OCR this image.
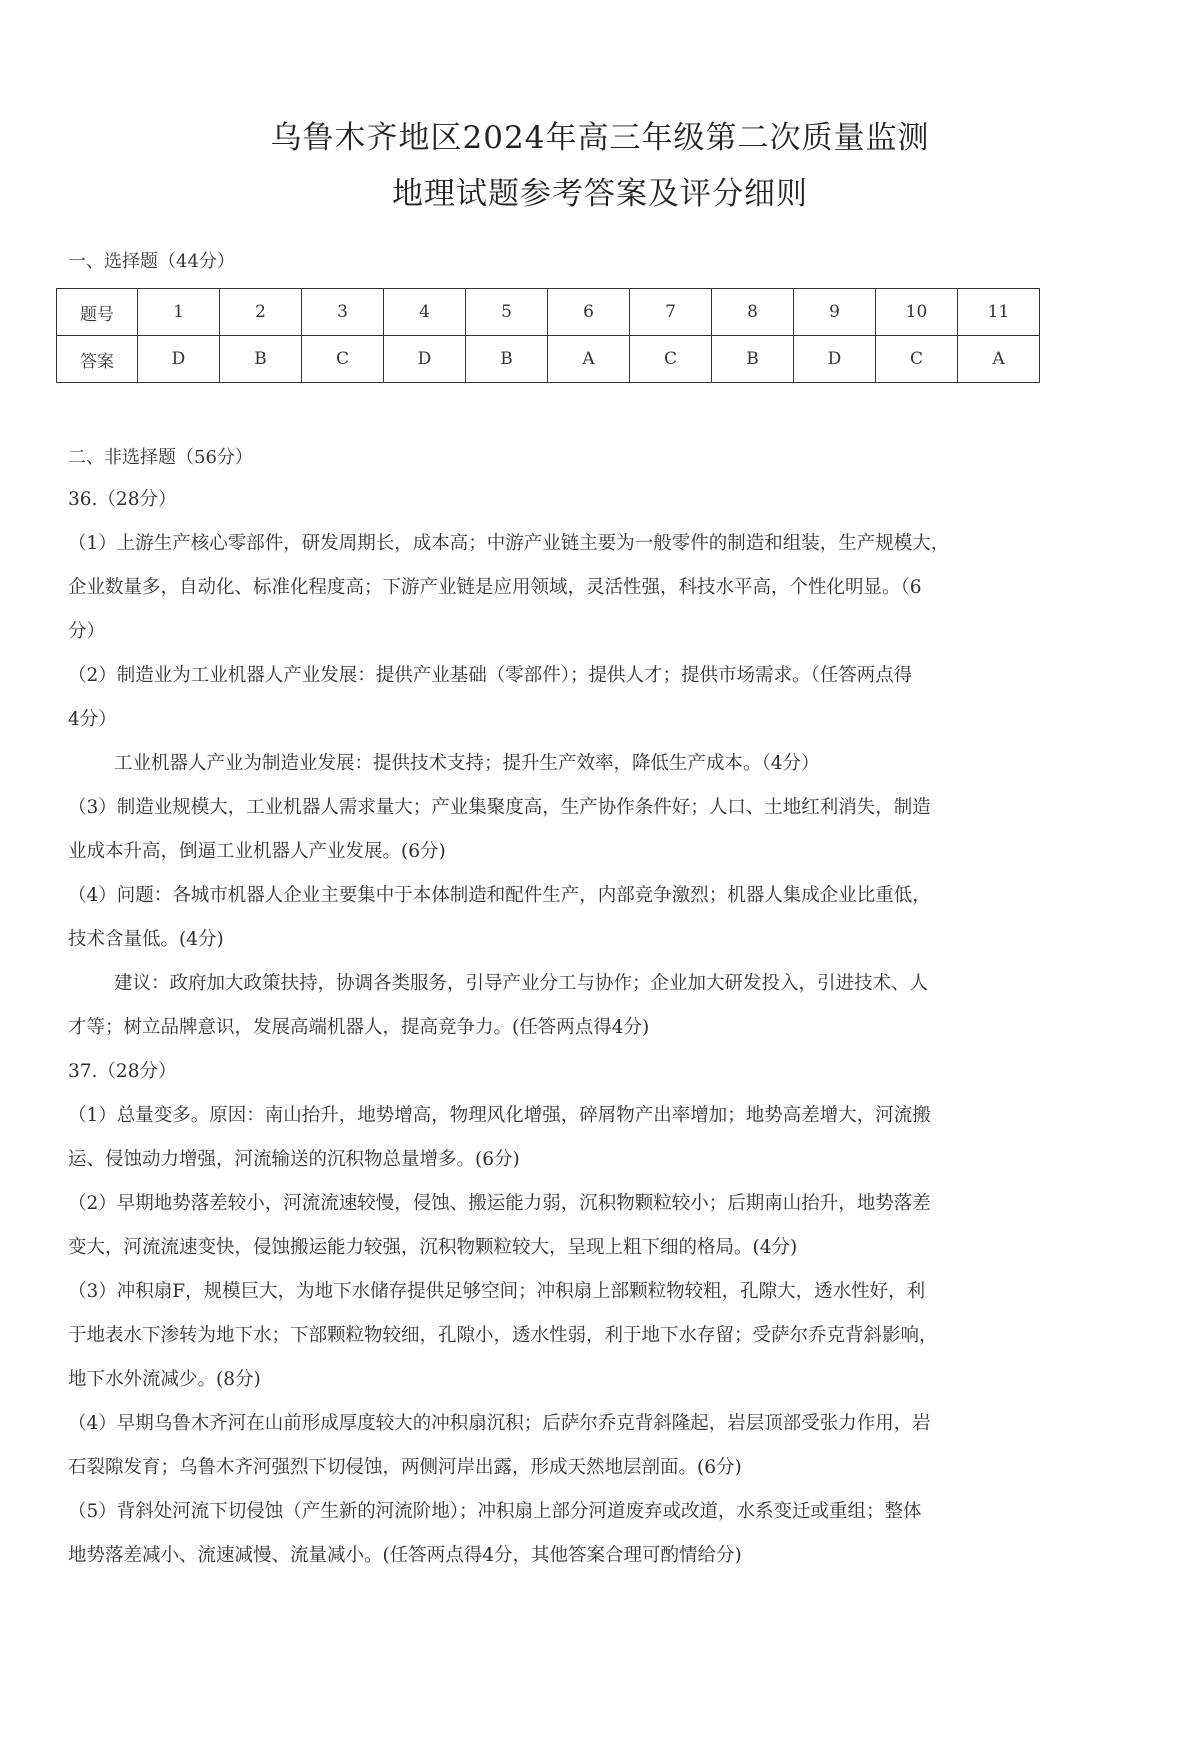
乌鲁木齐地区2024年高三年级第二次质量监测
地理试题参考答案及评分细则
一、选择题（44分）
题号	1	2	3	4	5	6	7	8	9	10	11
答案	D	B	C	D	B	A	C	B	D	C	A
二、非选择题（56分）
36.（28分）
（1）上游生产核心零部件，研发周期长，成本高；中游产业链主要为一般零件的制造和组装，生产规模大，
企业数量多，自动化、标准化程度高；下游产业链是应用领域，灵活性强，科技水平高，个性化明显。（6
分）
（2）制造业为工业机器人产业发展：提供产业基础（零部件）；提供人才；提供市场需求。（任答两点得
4分）
工业机器人产业为制造业发展：提供技术支持；提升生产效率，降低生产成本。（4分）
（3）制造业规模大，工业机器人需求量大；产业集聚度高，生产协作条件好；人口、土地红利消失，制造
业成本升高，倒逼工业机器人产业发展。(6分)
（4）问题：各城市机器人企业主要集中于本体制造和配件生产，内部竞争激烈；机器人集成企业比重低，
技术含量低。(4分)
建议：政府加大政策扶持，协调各类服务，引导产业分工与协作；企业加大研发投入，引进技术、人
才等；树立品牌意识，发展高端机器人，提高竞争力。(任答两点得4分)
37.（28分）
（1）总量变多。原因：南山抬升，地势增高，物理风化增强，碎屑物产出率增加；地势高差增大，河流搬
运、侵蚀动力增强，河流输送的沉积物总量增多。(6分)
（2）早期地势落差较小，河流流速较慢，侵蚀、搬运能力弱，沉积物颗粒较小；后期南山抬升，地势落差
变大，河流流速变快，侵蚀搬运能力较强，沉积物颗粒较大，呈现上粗下细的格局。(4分)
（3）冲积扇F，规模巨大，为地下水储存提供足够空间；冲积扇上部颗粒物较粗，孔隙大，透水性好，利
于地表水下渗转为地下水；下部颗粒物较细，孔隙小，透水性弱，利于地下水存留；受萨尔乔克背斜影响，
地下水外流减少。(8分)
（4）早期乌鲁木齐河在山前形成厚度较大的冲积扇沉积；后萨尔乔克背斜隆起，岩层顶部受张力作用，岩
石裂隙发育；乌鲁木齐河强烈下切侵蚀，两侧河岸出露，形成天然地层剖面。(6分)
（5）背斜处河流下切侵蚀（产生新的河流阶地）；冲积扇上部分河道废弃或改道，水系变迁或重组；整体
地势落差减小、流速减慢、流量减小。(任答两点得4分，其他答案合理可酌情给分)
